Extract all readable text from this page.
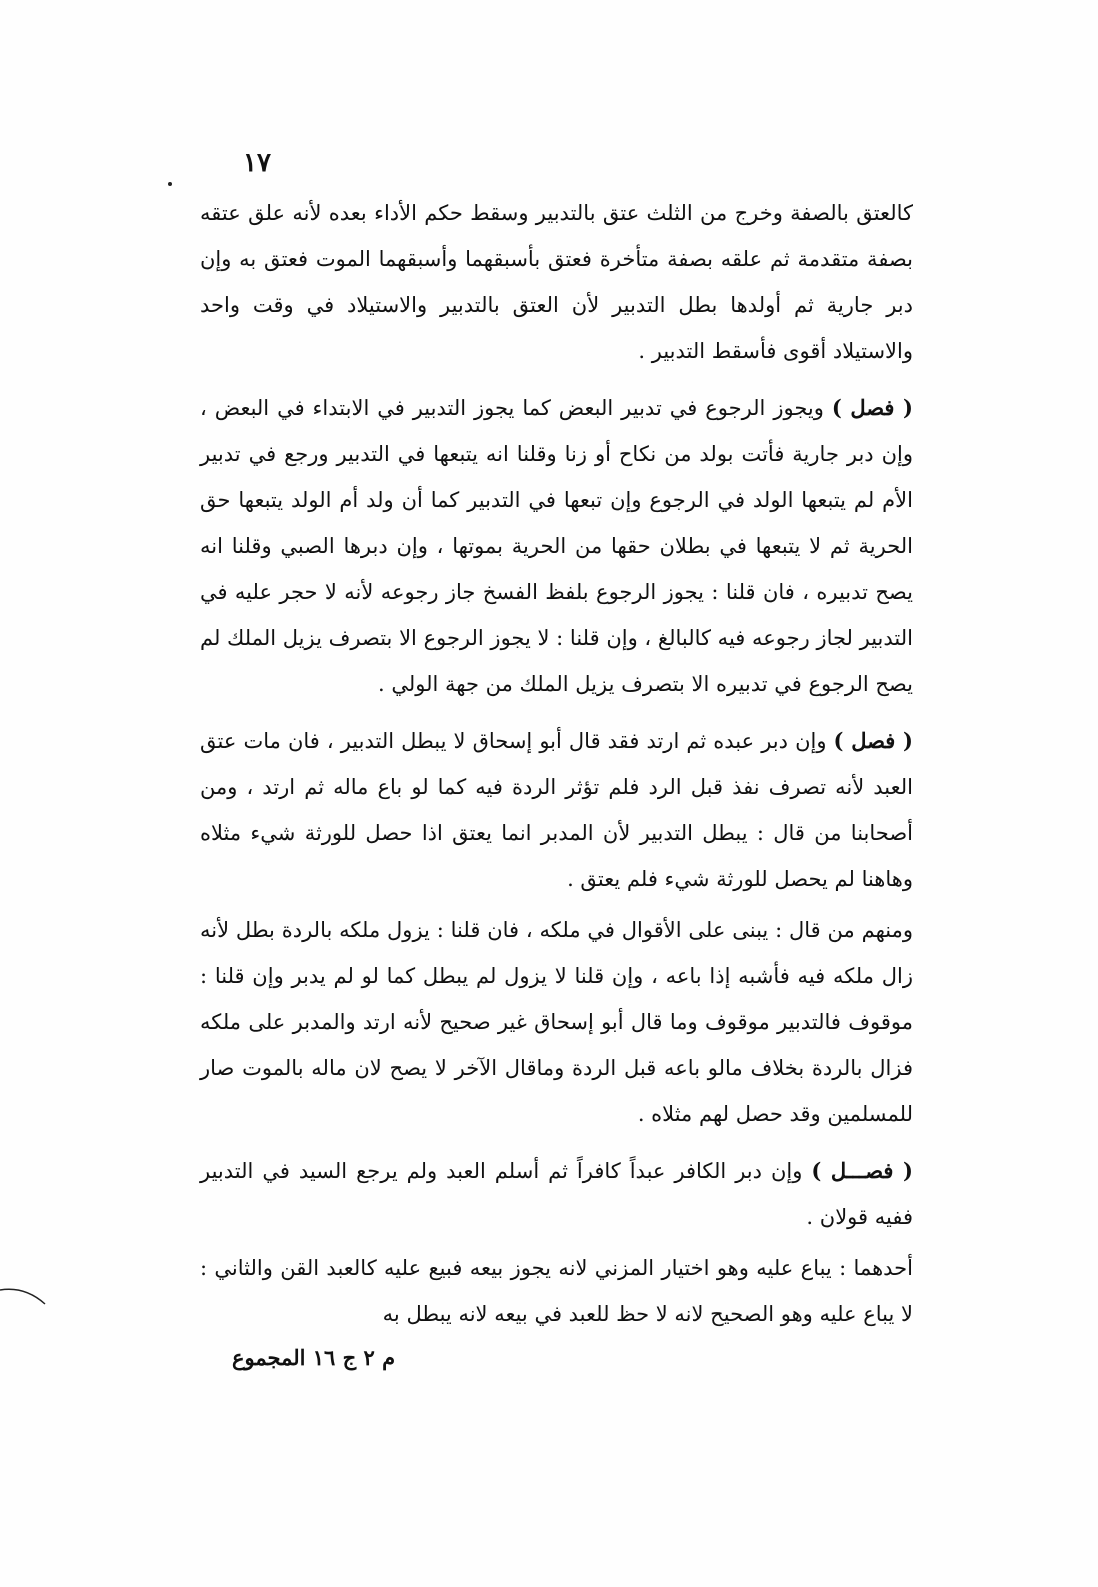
١٧

كالعتق بالصفة وخرج من الثلث عتق بالتدبير وسقط حكم الأداء بعده لأنه علق عتقه بصفة متقدمة ثم علقه بصفة متأخرة فعتق بأسبقهما وأسبقهما الموت فعتق به وإن دبر جارية ثم أولدها بطل التدبير لأن العتق بالتدبير والاستيلاد في وقت واحد والاستيلاد أقوى فأسقط التدبير .

( فصل ) ويجوز الرجوع في تدبير البعض كما يجوز التدبير في الابتداء في البعض ، وإن دبر جارية فأتت بولد من نكاح أو زنا وقلنا انه يتبعها في التدبير ورجع في تدبير الأم لم يتبعها الولد في الرجوع وإن تبعها في التدبير كما أن ولد أم الولد يتبعها حق الحرية ثم لا يتبعها في بطلان حقها من الحرية بموتها ، وإن دبرها الصبي وقلنا انه يصح تدبيره ، فان قلنا : يجوز الرجوع بلفظ الفسخ جاز رجوعه لأنه لا حجر عليه في التدبير لجاز رجوعه فيه كالبالغ ، وإن قلنا : لا يجوز الرجوع الا بتصرف يزيل الملك لم يصح الرجوع في تدبيره الا بتصرف يزيل الملك من جهة الولي .

( فصل ) وإن دبر عبده ثم ارتد فقد قال أبو إسحاق لا يبطل التدبير ، فان مات عتق العبد لأنه تصرف نفذ قبل الرد فلم تؤثر الردة فيه كما لو باع ماله ثم ارتد ، ومن أصحابنا من قال : يبطل التدبير لأن المدبر انما يعتق اذا حصل للورثة شيء مثلاه وهاهنا لم يحصل للورثة شيء فلم يعتق .

ومنهم من قال : يبنى على الأقوال في ملكه ، فان قلنا : يزول ملكه بالردة بطل لأنه زال ملكه فيه فأشبه إذا باعه ، وإن قلنا لا يزول لم يبطل كما لو لم يدبر وإن قلنا : موقوف فالتدبير موقوف وما قال أبو إسحاق غير صحيح لأنه ارتد والمدبر على ملكه فزال بالردة بخلاف مالو باعه قبل الردة وماقال الآخر لا يصح لان ماله بالموت صار للمسلمين وقد حصل لهم مثلاه .

( فصـــل ) وإن دبر الكافر عبداً كافراً ثم أسلم العبد ولم يرجع السيد في التدبير ففيه قولان .

أحدهما : يباع عليه وهو اختيار المزني لانه يجوز بيعه فبيع عليه كالعبد القن والثاني : لا يباع عليه وهو الصحيح لانه لا حظ للعبد في بيعه لانه يبطل به

م ٢ ج ١٦ المجموع
